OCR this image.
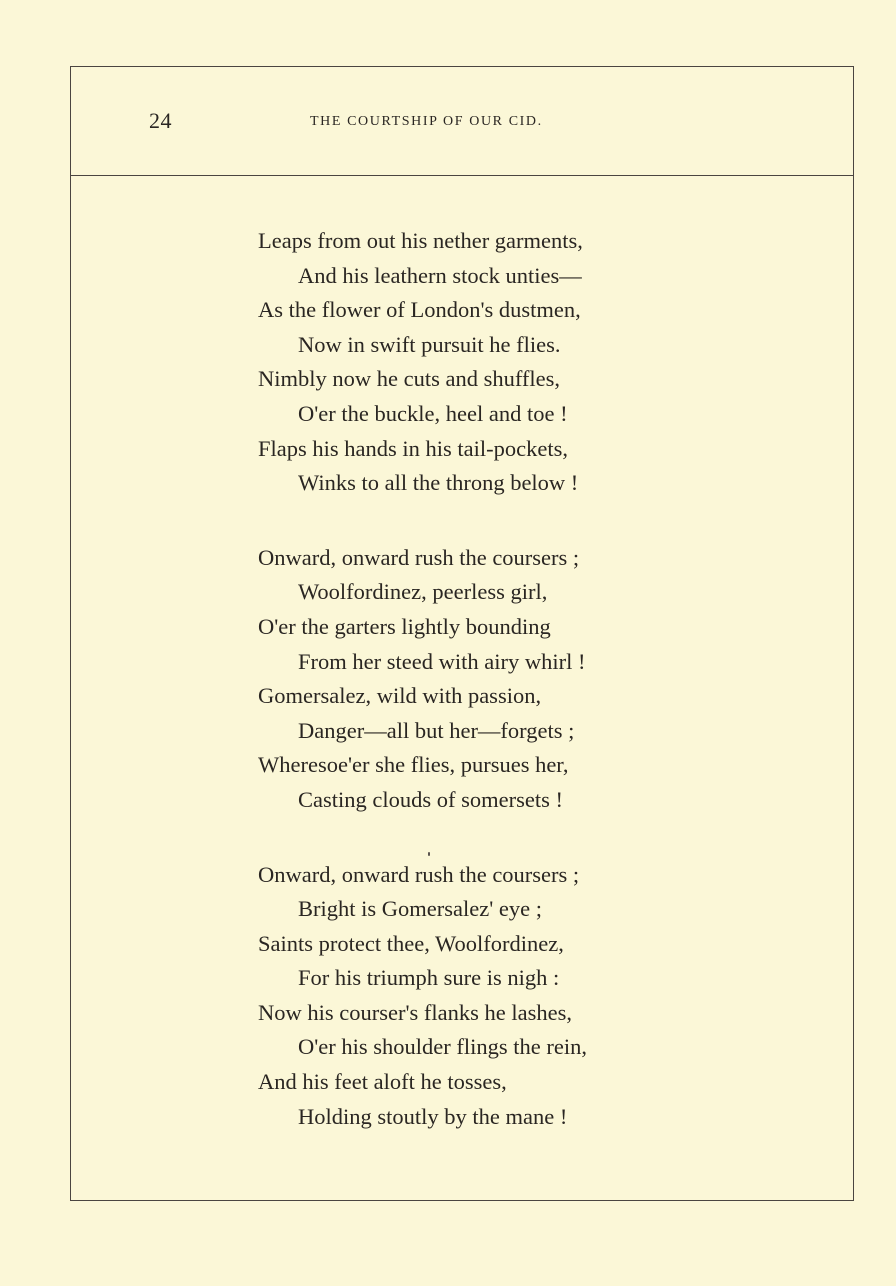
24	THE COURTSHIP OF OUR CID.
Leaps from out his nether garments,
And his leathern stock unties—
As the flower of London's dustmen,
Now in swift pursuit he flies.
Nimbly now he cuts and shuffles,
O'er the buckle, heel and toe !
Flaps his hands in his tail-pockets,
Winks to all the throng below !
Onward, onward rush the coursers ;
Woolfordinez, peerless girl,
O'er the garters lightly bounding
From her steed with airy whirl !
Gomersalez, wild with passion,
Danger—all but her—forgets ;
Wheresoe'er she flies, pursues her,
Casting clouds of somersets !
Onward, onward rush the coursers ;
Bright is Gomersalez' eye ;
Saints protect thee, Woolfordinez,
For his triumph sure is nigh :
Now his courser's flanks he lashes,
O'er his shoulder flings the rein,
And his feet aloft he tosses,
Holding stoutly by the mane !
